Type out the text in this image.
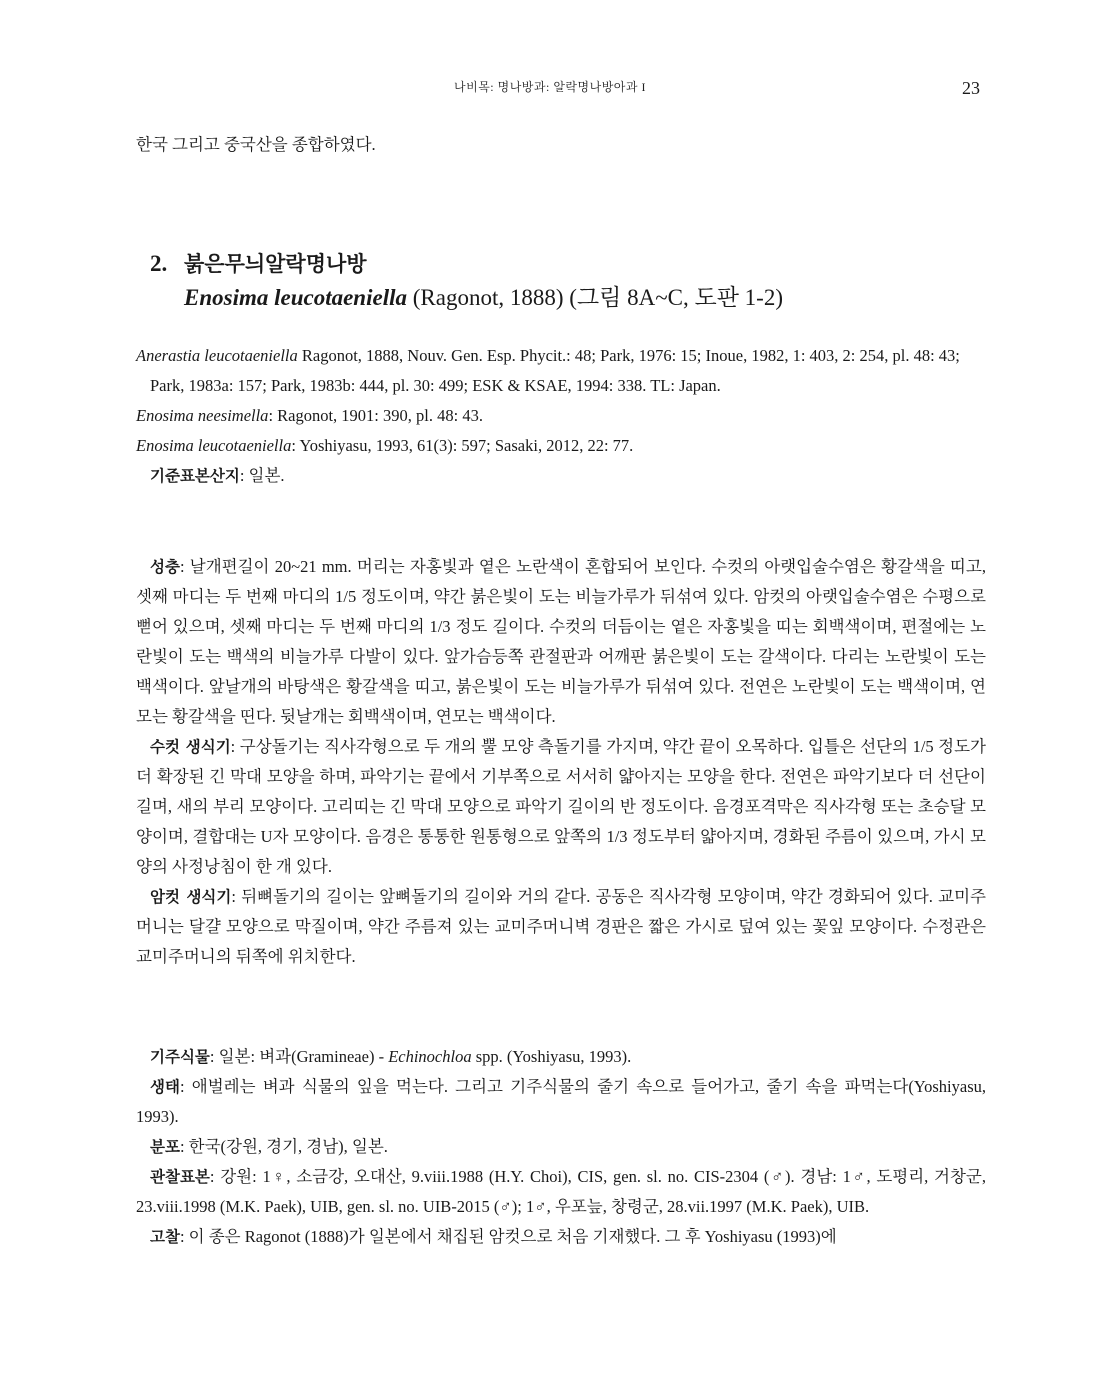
나비목: 명나방과: 알락명나방아과 I	23
한국 그리고 중국산을 종합하였다.
2. 붉은무늬알락명나방
Enosima leucotaeniella (Ragonot, 1888) (그림 8A~C, 도판 1-2)

Anerastia leucotaeniella Ragonot, 1888, Nouv. Gen. Esp. Phycit.: 48; Park, 1976: 15; Inoue, 1982, 1: 403, 2: 254, pl. 48: 43; Park, 1983a: 157; Park, 1983b: 444, pl. 30: 499; ESK & KSAE, 1994: 338. TL: Japan.

Enosima neesimella: Ragonot, 1901: 390, pl. 48: 43.

Enosima leucotaeniella: Yoshiyasu, 1993, 61(3): 597; Sasaki, 2012, 22: 77.

기준표본산지: 일본.

성충: 날개편길이 20~21 mm. 머리는 자홍빛과 옅은 노란색이 혼합되어 보인다. 수컷의 아랫입술수염은 황갈색을 띠고, 셋째 마디는 두 번째 마디의 1/5 정도이며, 약간 붉은빛이 도는 비늘가루가 뒤섞여 있다. 암컷의 아랫입술수염은 수평으로 뻗어 있으며, 셋째 마디는 두 번째 마디의 1/3 정도 길이다. 수컷의 더듬이는 옅은 자홍빛을 띠는 회백색이며, 편절에는 노란빛이 도는 백색의 비늘가루 다발이 있다. 앞가슴등쪽 관절판과 어깨판 붉은빛이 도는 갈색이다. 다리는 노란빛이 도는 백색이다. 앞날개의 바탕색은 황갈색을 띠고, 붉은빛이 도는 비늘가루가 뒤섞여 있다. 전연은 노란빛이 도는 백색이며, 연모는 황갈색을 띤다. 뒷날개는 회백색이며, 연모는 백색이다.

수컷 생식기: 구상돌기는 직사각형으로 두 개의 뿔 모양 측돌기를 가지며, 약간 끝이 오목하다. 입틀은 선단의 1/5 정도가 더 확장된 긴 막대 모양을 하며, 파악기는 끝에서 기부쪽으로 서서히 얇아지는 모양을 한다. 전연은 파악기보다 더 선단이 길며, 새의 부리 모양이다. 고리띠는 긴 막대 모양으로 파악기 길이의 반 정도이다. 음경포격막은 직사각형 또는 초승달 모양이며, 결합대는 U자 모양이다. 음경은 통통한 원통형으로 앞쪽의 1/3 정도부터 얇아지며, 경화된 주름이 있으며, 가시 모양의 사정낭침이 한 개 있다.

암컷 생식기: 뒤뼈돌기의 길이는 앞뼈돌기의 길이와 거의 같다. 공동은 직사각형 모양이며, 약간 경화되어 있다. 교미주머니는 달걀 모양으로 막질이며, 약간 주름져 있는 교미주머니벽 경판은 짧은 가시로 덮여 있는 꽃잎 모양이다. 수정관은 교미주머니의 뒤쪽에 위치한다.

기주식물: 일본: 벼과(Gramineae) - Echinochloa spp. (Yoshiyasu, 1993).

생태: 애벌레는 벼과 식물의 잎을 먹는다. 그리고 기주식물의 줄기 속으로 들어가고, 줄기 속을 파먹는다(Yoshiyasu, 1993).

분포: 한국(강원, 경기, 경남), 일본.

관찰표본: 강원: 1♀, 소금강, 오대산, 9.viii.1988 (H.Y. Choi), CIS, gen. sl. no. CIS-2304 (♂). 경남: 1♂, 도평리, 거창군, 23.viii.1998 (M.K. Paek), UIB, gen. sl. no. UIB-2015 (♂); 1♂, 우포늪, 창령군, 28.vii.1997 (M.K. Paek), UIB.

고찰: 이 종은 Ragonot (1888)가 일본에서 채집된 암컷으로 처음 기재했다. 그 후 Yoshiyasu (1993)에
